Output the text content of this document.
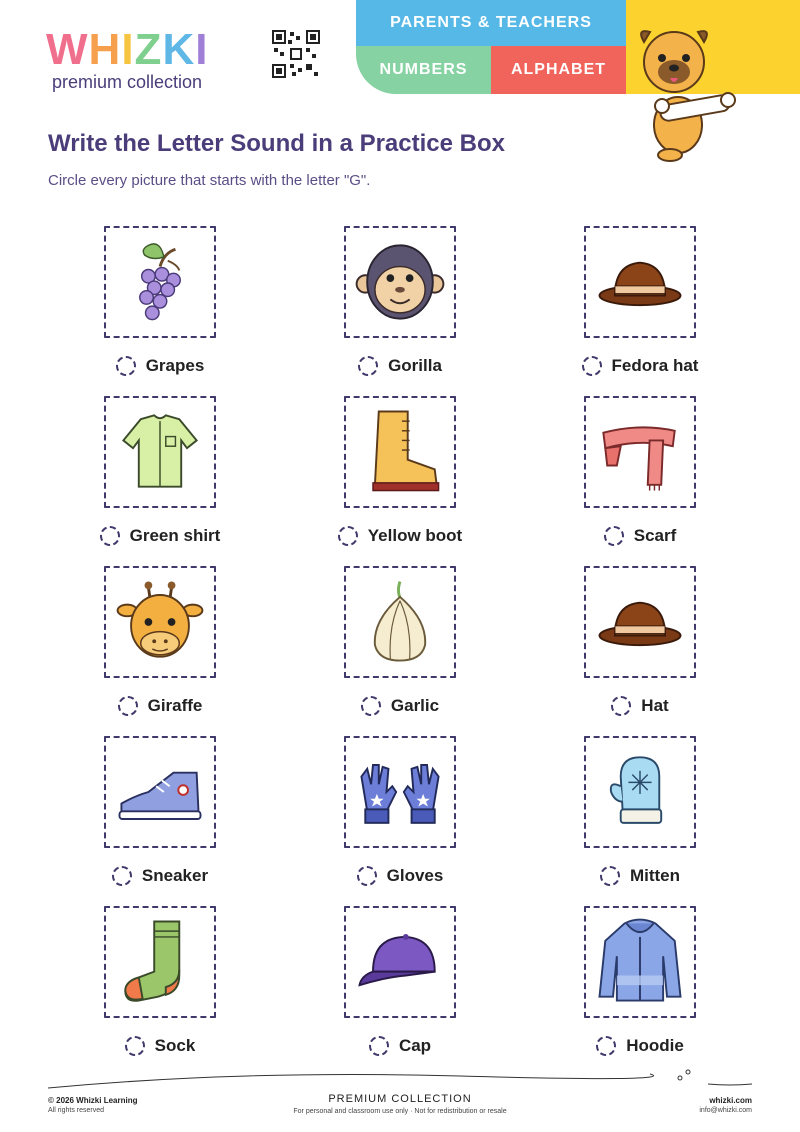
W H I Z K I
premium collection
PARENTS & TEACHERS
NUMBERS	ALPHABET
Write the Letter Sound in a Practice Box
Circle every picture that starts with the letter "G".
Grapes	Gorilla	Fedora hat
Green shirt	Yellow boot	Scarf
Giraffe	Garlic	Hat
Sneaker	Gloves	Mitten
Sock	Cap	Hoodie
© 2026 Whizki Learning
All rights reserved
PREMIUM COLLECTION
For personal and classroom use only · Not for redistribution or resale
whizki.com
info@whizki.com
